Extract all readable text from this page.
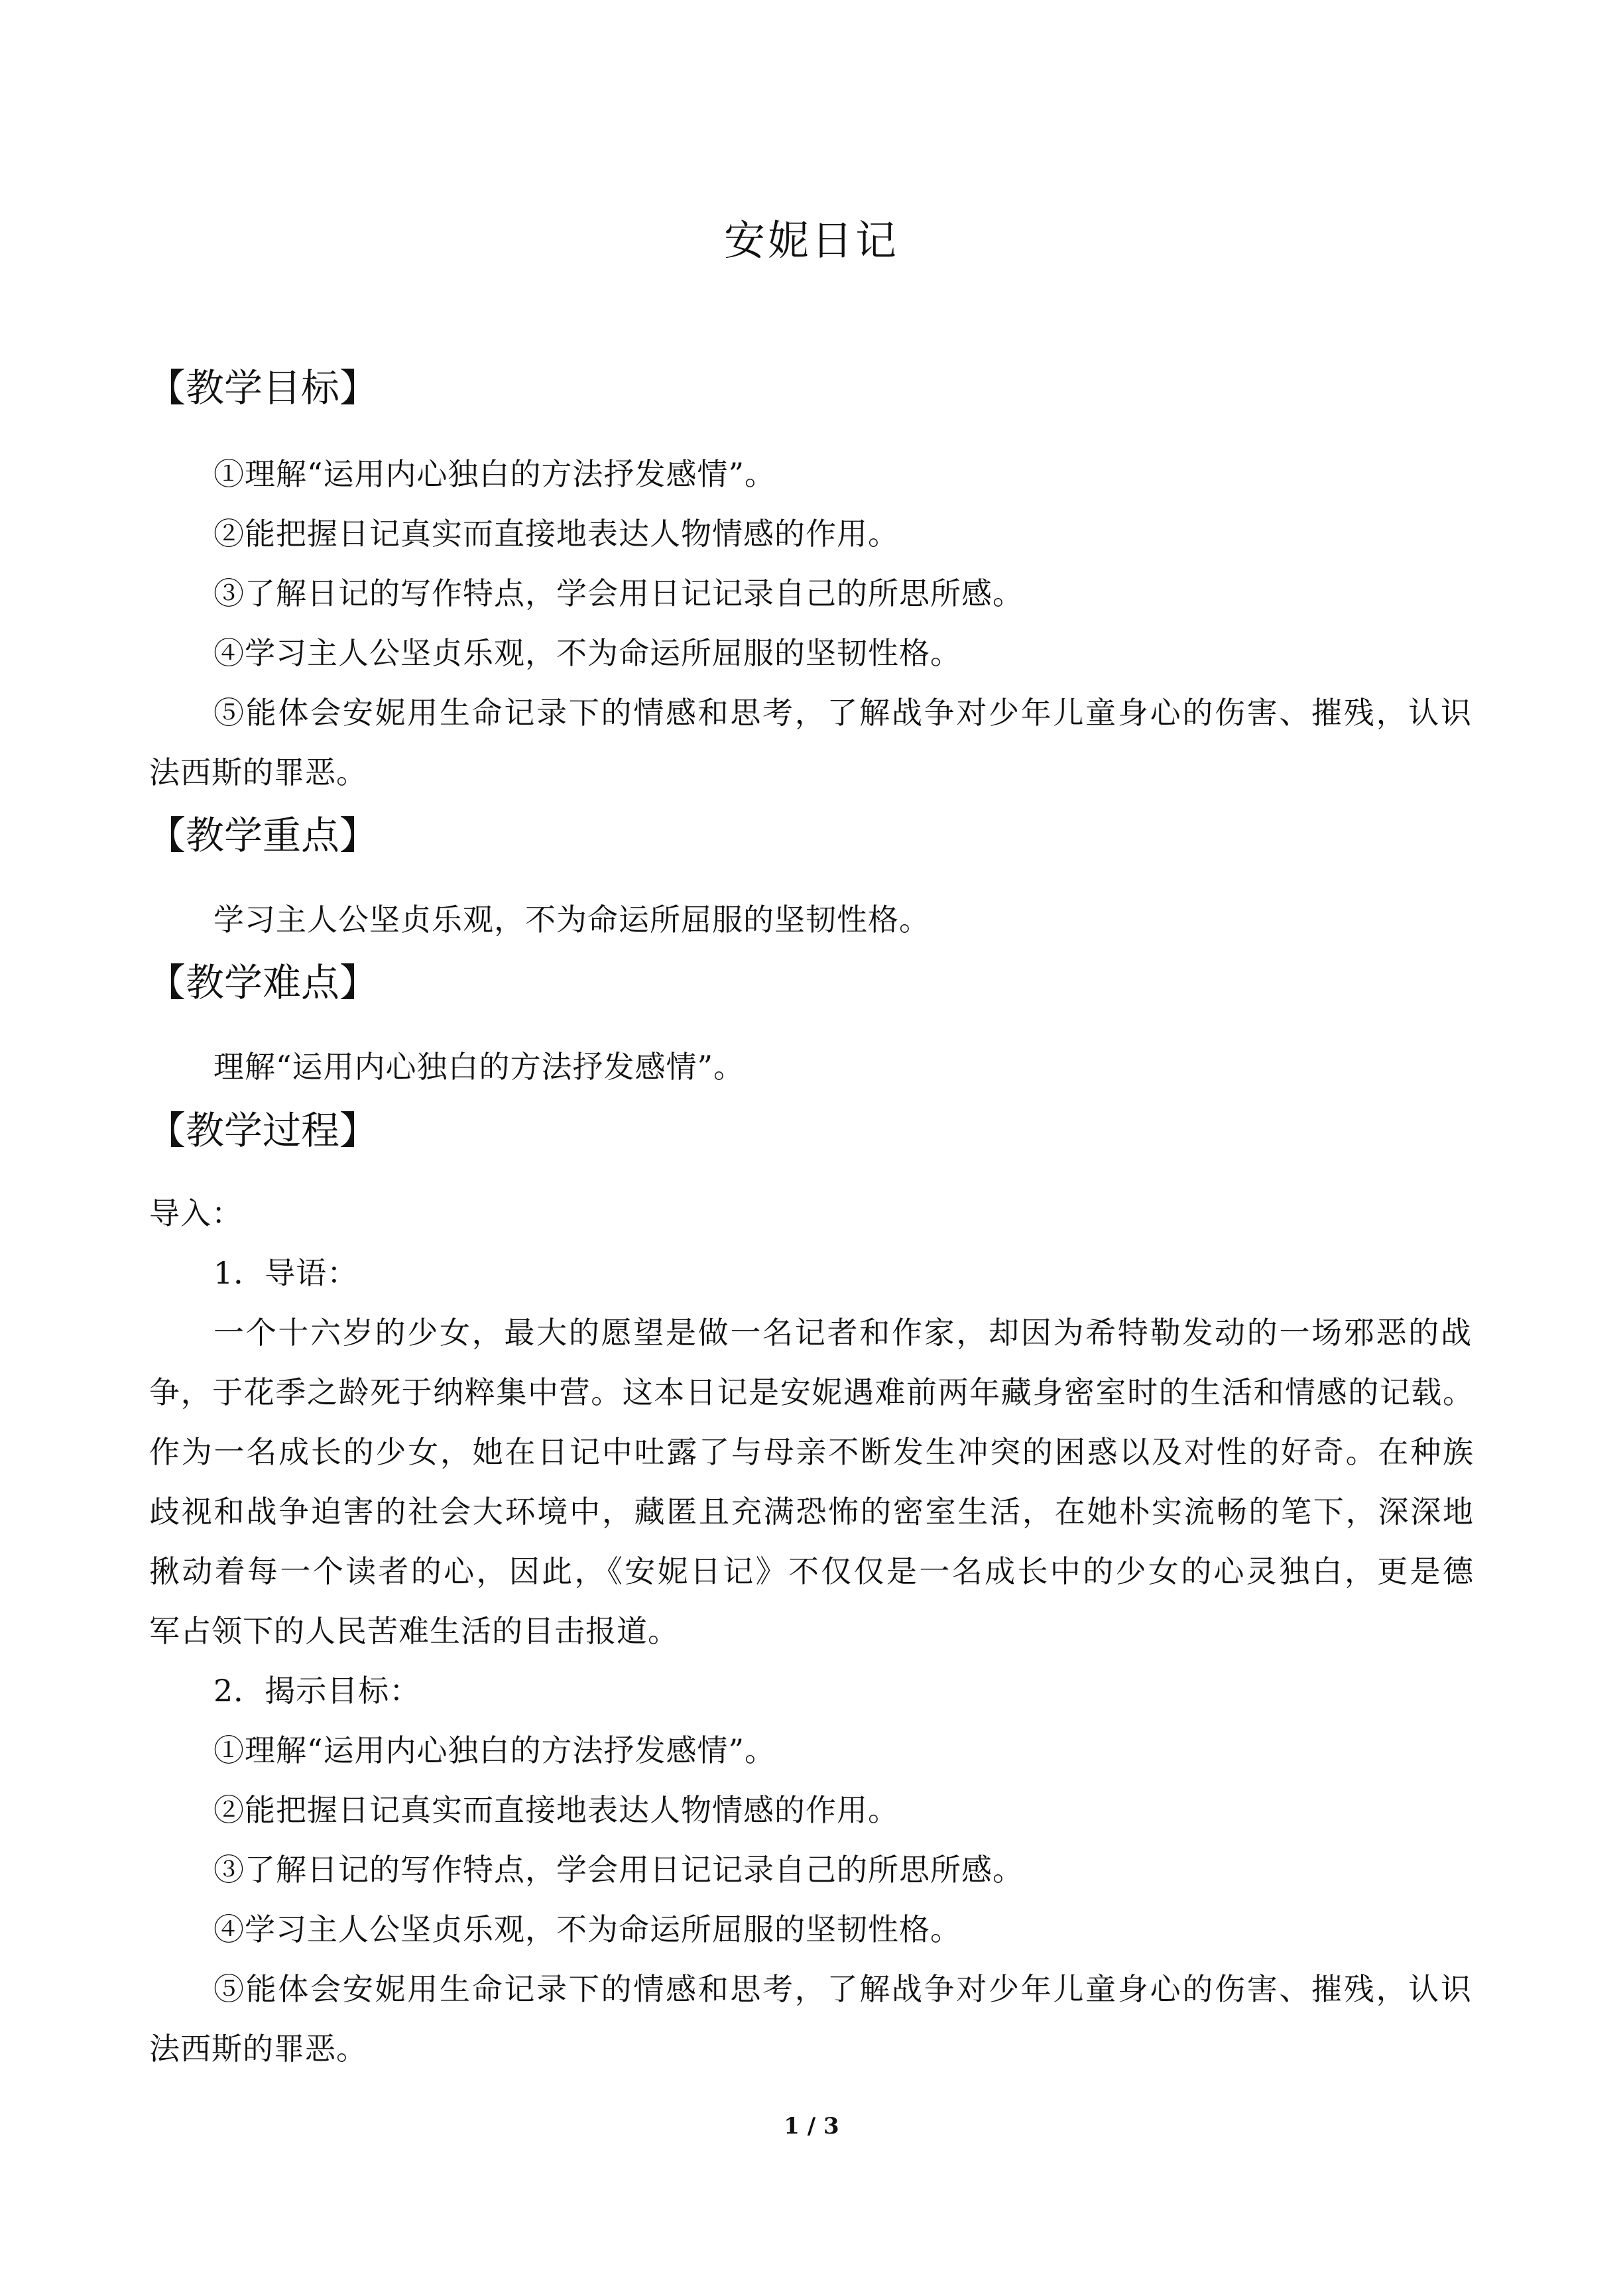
安妮日记
【教学目标】
①理解“运用内心独白的方法抒发感情”。
②能把握日记真实而直接地表达人物情感的作用。
③了解日记的写作特点，学会用日记记录自己的所思所感。
④学习主人公坚贞乐观，不为命运所屈服的坚韧性格。
⑤能体会安妮用生命记录下的情感和思考，了解战争对少年儿童身心的伤害、摧残，认识
法西斯的罪恶。
【教学重点】
学习主人公坚贞乐观，不为命运所屈服的坚韧性格。
【教学难点】
理解“运用内心独白的方法抒发感情”。
【教学过程】
导入：
1．导语：
一个十六岁的少女，最大的愿望是做一名记者和作家，却因为希特勒发动的一场邪恶的战
争，于花季之龄死于纳粹集中营。这本日记是安妮遇难前两年藏身密室时的生活和情感的记载。
作为一名成长的少女，她在日记中吐露了与母亲不断发生冲突的困惑以及对性的好奇。在种族
歧视和战争迫害的社会大环境中，藏匿且充满恐怖的密室生活，在她朴实流畅的笔下，深深地
揪动着每一个读者的心，因此，《安妮日记》不仅仅是一名成长中的少女的心灵独白，更是德
军占领下的人民苦难生活的目击报道。
2．揭示目标：
①理解“运用内心独白的方法抒发感情”。
②能把握日记真实而直接地表达人物情感的作用。
③了解日记的写作特点，学会用日记记录自己的所思所感。
④学习主人公坚贞乐观，不为命运所屈服的坚韧性格。
⑤能体会安妮用生命记录下的情感和思考，了解战争对少年儿童身心的伤害、摧残，认识
法西斯的罪恶。
1 / 3
